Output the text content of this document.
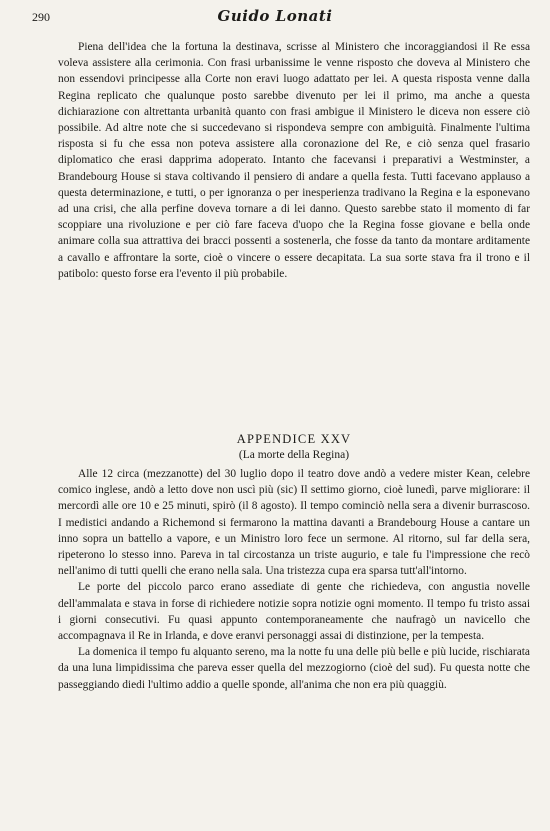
290	Guido Lonati

Piena dell'idea che la fortuna la destinava, scrisse al Ministero che incoraggiandosi il Re essa voleva assistere alla cerimonia. Con frasi urbanissime le venne risposto che doveva al Ministero che non essendovi principesse alla Corte non eravi luogo adattato per lei. A questa risposta venne dalla Regina replicato che qualunque posto sarebbe divenuto per lei il primo, ma anche a questa dichiarazione con altrettanta urbanità quanto con frasi ambigue il Ministero le diceva non essere ciò possibile. Ad altre note che si succedevano si rispondeva sempre con ambiguità. Finalmente l'ultima risposta si fu che essa non poteva assistere alla coronazione del Re, e ciò senza quel frasario diplomatico che erasi dapprima adoperato. Intanto che facevansi i preparativi a Westminster, a Brandebourg House si stava coltivando il pensiero di andare a quella festa. Tutti facevano applauso a questa determinazione, e tutti, o per ignoranza o per inesperienza tradivano la Regina e la esponevano ad una crisi, che alla perfine doveva tornare a di lei danno. Questo sarebbe stato il momento di far scoppiare una rivoluzione e per ciò fare faceva d'uopo che la Regina fosse giovane e bella onde animare colla sua attrattiva dei bracci possenti a sostenerla, che fosse da tanto da montare arditamente a cavallo e affrontare la sorte, cioè o vincere o essere decapitata. La sua sorte stava fra il trono e il patibolo: questo forse era l'evento il più probabile.

APPENDICE XXV
(La morte della Regina)

Alle 12 circa (mezzanotte) del 30 luglio dopo il teatro dove andò a vedere mister Kean, celebre comico inglese, andò a letto dove non uscì più (sic) Il settimo giorno, cioè lunedì, parve migliorare: il mercordì alle ore 10 e 25 minuti, spirò (il 8 agosto). Il tempo cominciò nella sera a divenir burrascoso. I medistici andando a Richemond si fermarono la mattina davanti a Brandebourg House a cantare un inno sopra un battello a vapore, e un Ministro loro fece un sermone. Al ritorno, sul far della sera, ripeterono lo stesso inno. Pareva in tal circostanza un triste augurio, e tale fu l'impressione che recò nell'animo di tutti quelli che erano nella sala. Una tristezza cupa era sparsa tutt'all'intorno.

Le porte del piccolo parco erano assediate di gente che richiedeva, con angustia novelle dell'ammalata e stava in forse di richiedere notizie sopra notizie ogni momento. Il tempo fu tristo assai i giorni consecutivi. Fu quasi appunto contemporaneamente che naufragò un navicello che accompagnava il Re in Irlanda, e dove eranvi personaggi assai di distinzione, per la tempesta.

La domenica il tempo fu alquanto sereno, ma la notte fu una delle più belle e più lucide, rischiarata da una luna limpidissima che pareva esser quella del mezzogiorno (cioè del sud). Fu questa notte che passeggiando diedi l'ultimo addio a quelle sponde, all'anima che non era più quaggiù.
